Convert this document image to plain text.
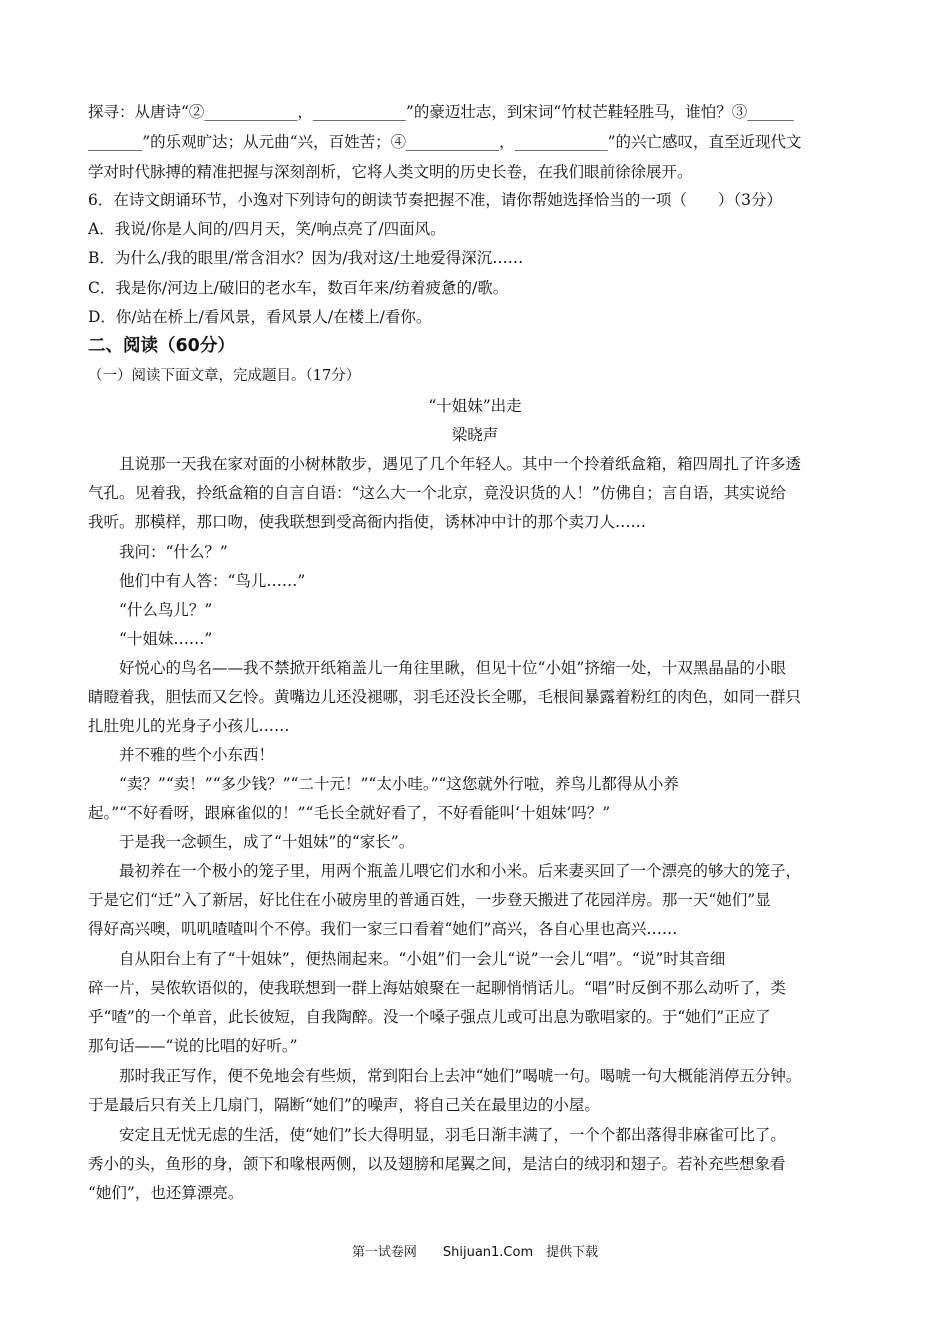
探寻：从唐诗“②____________，____________”的豪迈壮志，到宋词“竹杖芒鞋轻胜马，谁怕？③______
_______”的乐观旷达；从元曲“兴，百姓苦；④____________，____________”的兴亡感叹，直至近现代文
学对时代脉搏的精准把握与深刻剖析，它将人类文明的历史长卷，在我们眼前徐徐展开。
6．在诗文朗诵环节，小逸对下列诗句的朗读节奏把握不准，请你帮她选择恰当的一项（　　）（3分）
A．我说/你是人间的/四月天，笑/响点亮了/四面风。
B．为什么/我的眼里/常含泪水？因为/我对这/土地爱得深沉……
C．我是你/河边上/破旧的老水车，数百年来/纺着疲惫的/歌。
D．你/站在桥上/看风景，看风景人/在楼上/看你。
二、阅读（60分）
（一）阅读下面文章，完成题目。（17分）
“十姐妹”出走
梁晓声
且说那一天我在家对面的小树林散步，遇见了几个年轻人。其中一个拎着纸盒箱，箱四周扎了许多透
气孔。见着我，拎纸盒箱的自言自语：“这么大一个北京，竟没识货的人！”仿佛自；言自语，其实说给
我听。那模样，那口吻，使我联想到受高衙内指使，诱林冲中计的那个卖刀人……
我问：“什么？”
他们中有人答：“鸟儿……”
“什么鸟儿？”
“十姐妹……”
好悦心的鸟名——我不禁掀开纸箱盖儿一角往里瞅，但见十位“小姐”挤缩一处，十双黑晶晶的小眼
睛瞪着我，胆怯而又乞怜。黄嘴边儿还没褪哪，羽毛还没长全哪，毛根间暴露着粉红的肉色，如同一群只
扎肚兜儿的光身子小孩儿……
并不雅的些个小东西！
“卖？”“卖！”“多少钱？”“二十元！”“太小哇。”“这您就外行啦，养鸟儿都得从小养
起。”“不好看呀，跟麻雀似的！”“毛长全就好看了，不好看能叫‘十姐妹’吗？”
于是我一念顿生，成了“十姐妹”的“家长”。
最初养在一个极小的笼子里，用两个瓶盖儿喂它们水和小米。后来妻买回了一个漂亮的够大的笼子，
于是它们“迁”入了新居，好比住在小破房里的普通百姓，一步登天搬进了花园洋房。那一天“她们”显
得好高兴噢，叽叽喳喳叫个不停。我们一家三口看着“她们”高兴，各自心里也高兴……
自从阳台上有了“十姐妹”，便热闹起来。“小姐”们一会儿“说”一会儿“唱”。“说”时其音细
碎一片，吴侬软语似的，使我联想到一群上海姑娘聚在一起聊悄悄话儿。“唱”时反倒不那么动听了，类
乎“喳”的一个单音，此长彼短，自我陶醉。没一个嗓子强点儿或可出息为歌唱家的。于“她们”正应了
那句话——“说的比唱的好听。”
那时我正写作，便不免地会有些烦，常到阳台上去冲“她们”喝唬一句。喝唬一句大概能消停五分钟。
于是最后只有关上几扇门，隔断“她们”的噪声，将自己关在最里边的小屋。
安定且无忧无虑的生活，使“她们”长大得明显，羽毛日渐丰满了，一个个都出落得非麻雀可比了。
秀小的头，鱼形的身，颌下和喙根两侧，以及翅膀和尾翼之间，是洁白的绒羽和翅子。若补充些想象看
“她们”，也还算漂亮。
第一试卷网　　Shijuan1.Com　提供下载
